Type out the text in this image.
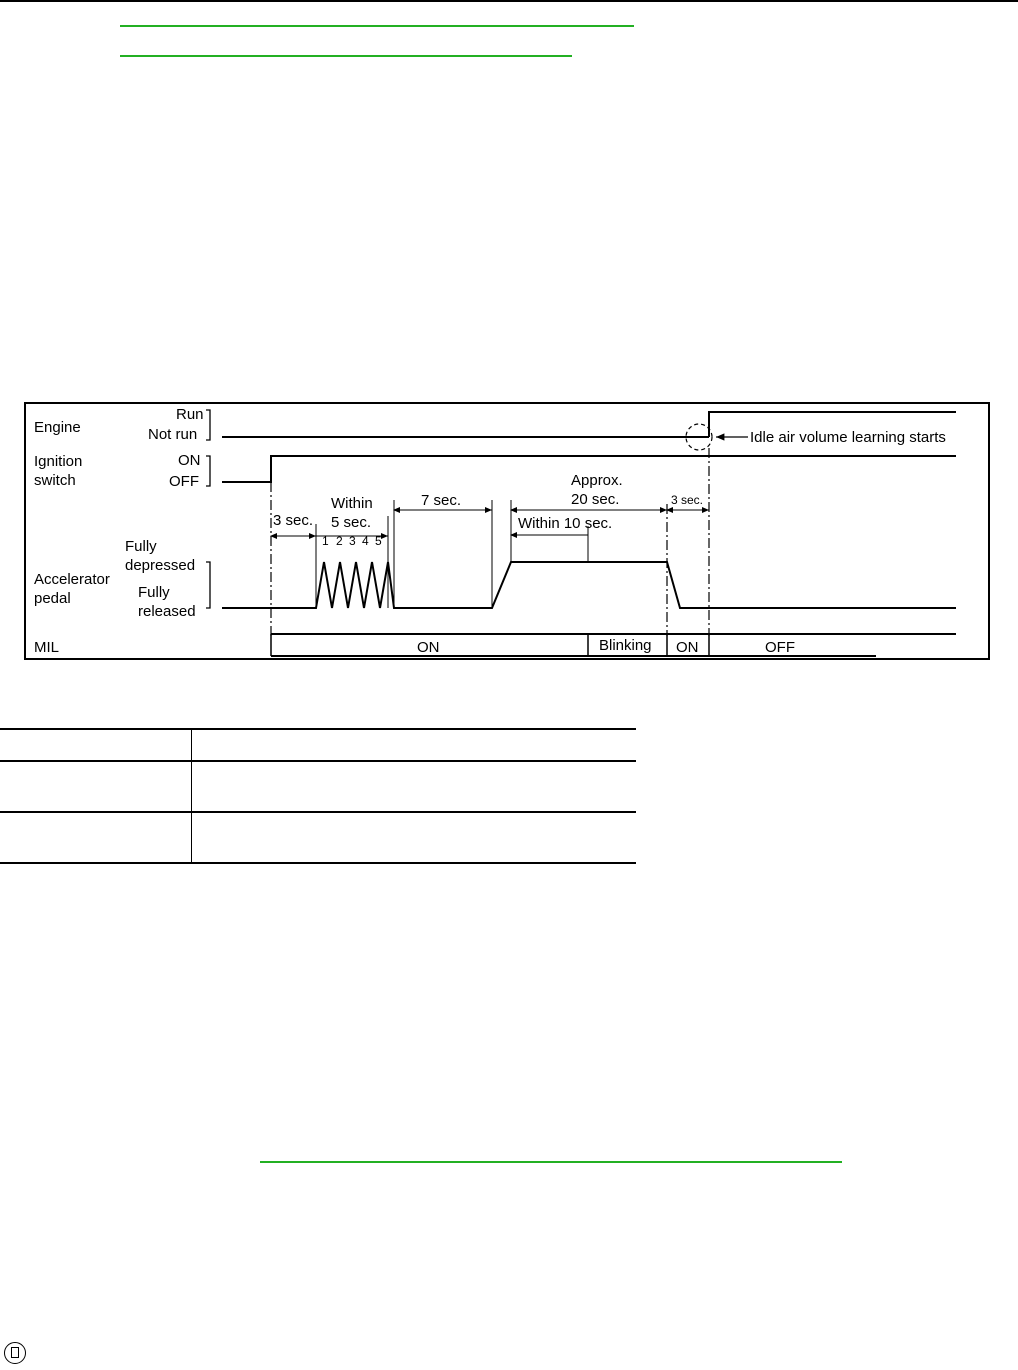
Engine
Run
Not run
Ignition
switch
ON
OFF
Fully
depressed
Accelerator
pedal	Fully
released
MIL
Idle air volume learning starts
3 sec.
Within
5 sec.
1 2 3 4 5
7 sec.
Approx.
20 sec.
Within 10 sec.
3 sec.
ON	Blinking ON	OFF
